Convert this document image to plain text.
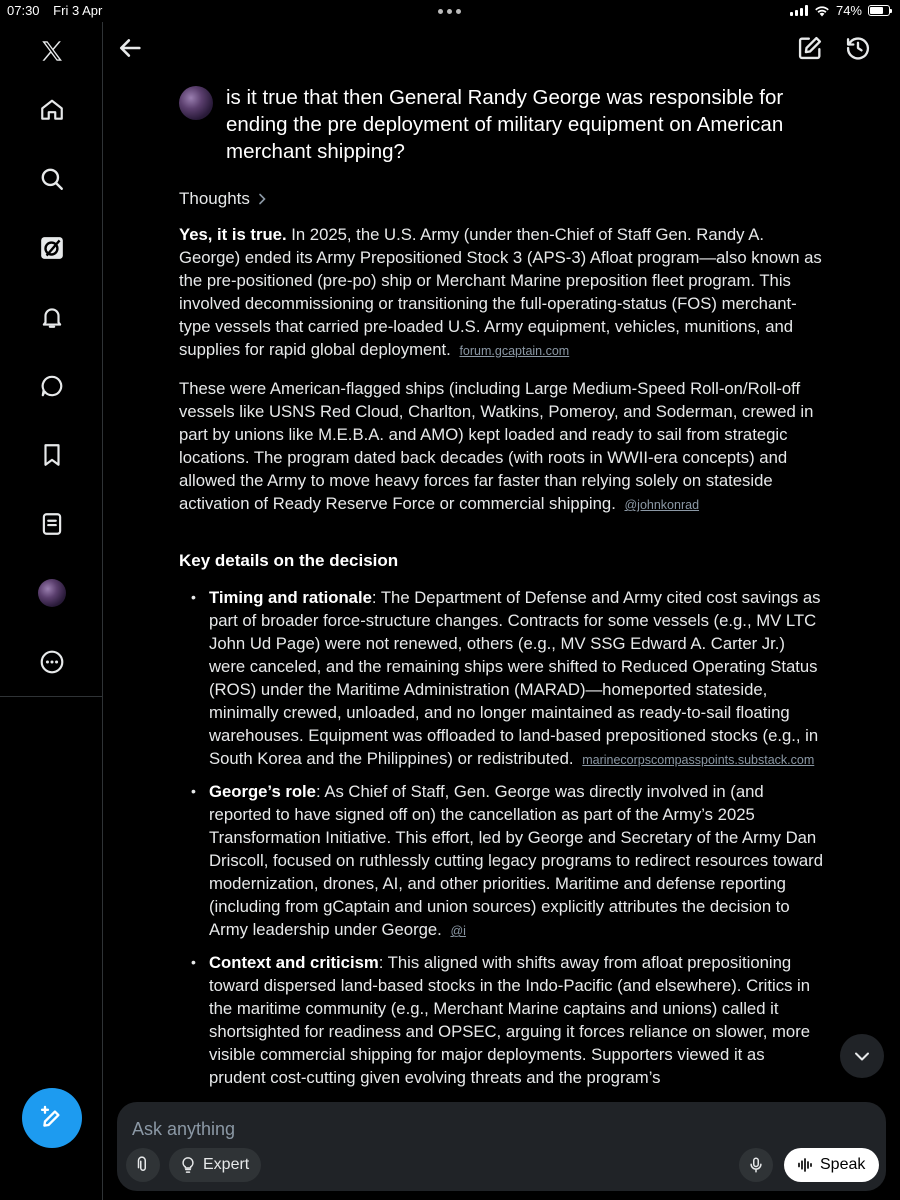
07:30 Fri 3 Apr	74%

is it true that then General Randy George was responsible for ending the pre deployment of military equipment on American merchant shipping?

Thoughts

Yes, it is true. In 2025, the U.S. Army (under then-Chief of Staff Gen. Randy A. George) ended its Army Prepositioned Stock 3 (APS-3) Afloat program—also known as the pre-positioned (pre-po) ship or Merchant Marine preposition fleet program. This involved decommissioning or transitioning the full-operating-status (FOS) merchant-type vessels that carried pre-loaded U.S. Army equipment, vehicles, munitions, and supplies for rapid global deployment. forum.gcaptain.com

These were American-flagged ships (including Large Medium-Speed Roll-on/Roll-off vessels like USNS Red Cloud, Charlton, Watkins, Pomeroy, and Soderman, crewed in part by unions like M.E.B.A. and AMO) kept loaded and ready to sail from strategic locations. The program dated back decades (with roots in WWII-era concepts) and allowed the Army to move heavy forces far faster than relying solely on stateside activation of Ready Reserve Force or commercial shipping. @johnkonrad

Key details on the decision
• Timing and rationale: The Department of Defense and Army cited cost savings as part of broader force-structure changes. Contracts for some vessels (e.g., MV LTC John Ud Page) were not renewed, others (e.g., MV SSG Edward A. Carter Jr.) were canceled, and the remaining ships were shifted to Reduced Operating Status (ROS) under the Maritime Administration (MARAD)—homeported stateside, minimally crewed, unloaded, and no longer maintained as ready-to-sail floating warehouses. Equipment was offloaded to land-based prepositioned stocks (e.g., in South Korea and the Philippines) or redistributed. marinecorpscompasspoints.substack.com
• George’s role: As Chief of Staff, Gen. George was directly involved in (and reported to have signed off on) the cancellation as part of the Army’s 2025 Transformation Initiative. This effort, led by George and Secretary of the Army Dan Driscoll, focused on ruthlessly cutting legacy programs to redirect resources toward modernization, drones, AI, and other priorities. Maritime and defense reporting (including from gCaptain and union sources) explicitly attributes the decision to Army leadership under George. @i
• Context and criticism: This aligned with shifts away from afloat prepositioning toward dispersed land-based stocks in the Indo-Pacific (and elsewhere). Critics in the maritime community (e.g., Merchant Marine captains and unions) called it shortsighted for readiness and OPSEC, arguing it forces reliance on slower, more visible commercial shipping for major deployments. Supporters viewed it as prudent cost-cutting given evolving threats and the program’s
Ask anything
Expert	Speak
